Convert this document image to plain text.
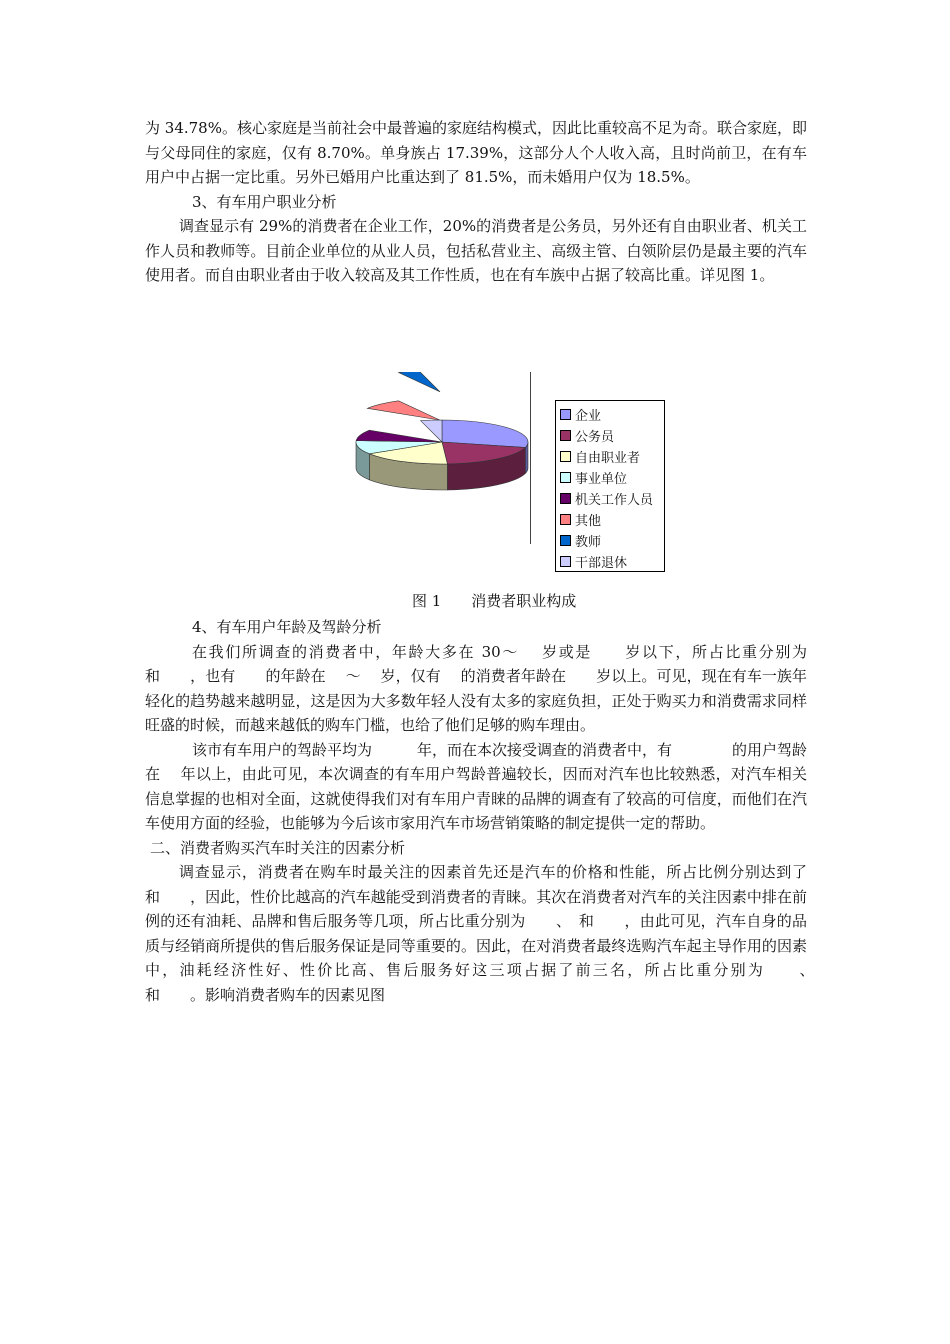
为 34.78%。核心家庭是当前社会中最普遍的家庭结构模式，因此比重较高不足为奇。联合家庭，即与父母同住的家庭，仅有 8.70%。单身族占 17.39%，这部分人个人收入高，且时尚前卫，在有车用户中占据一定比重。另外已婚用户比重达到了 81.5%，而未婚用户仅为 18.5%。

3、有车用户职业分析

调查显示有 29%的消费者在企业工作，20%的消费者是公务员，另外还有自由职业者、机关工作人员和教师等。目前企业单位的从业人员，包括私营业主、高级主管、白领阶层仍是最主要的汽车使用者。而自由职业者由于收入较高及其工作性质，也在有车族中占据了较高比重。详见图 1。

企业
公务员
自由职业者
事业单位
机关工作人员
其他
教师
干部退休
图 1　　消费者职业构成

4、有车用户年龄及驾龄分析

在我们所调查的消费者中，年龄大多在 30～　 岁或是　　岁以下，所占比重分别为　 和　　，也有　　的年龄在　 ～　 岁，仅有　 的消费者年龄在　　岁以上。可见，现在有车一族年轻化的趋势越来越明显，这是因为大多数年轻人没有太多的家庭负担，正处于购买力和消费需求同样旺盛的时候，而越来越低的购车门槛，也给了他们足够的购车理由。

该市有车用户的驾龄平均为　　　年，而在本次接受调查的消费者中，有　　　　的用户驾龄在　 年以上，由此可见，本次调查的有车用户驾龄普遍较长，因而对汽车也比较熟悉，对汽车相关信息掌握的也相对全面，这就使得我们对有车用户青睐的品牌的调查有了较高的可信度，而他们在汽车使用方面的经验，也能够为今后该市家用汽车市场营销策略的制定提供一定的帮助。

二、消费者购买汽车时关注的因素分析

调查显示，消费者在购车时最关注的因素首先还是汽车的价格和性能，所占比例分别达到了　　和　　，因此，性价比越高的汽车越能受到消费者的青睐。其次在消费者对汽车的关注因素中排在前例的还有油耗、品牌和售后服务等几项，所占比重分别为　　、　和　　，由此可见，汽车自身的品质与经销商所提供的售后服务保证是同等重要的。因此，在对消费者最终选购汽车起主导作用的因素中，油耗经济性好、性价比高、售后服务好这三项占据了前三名，所占比重分别为　　、　　和　　。影响消费者购车的因素见图
